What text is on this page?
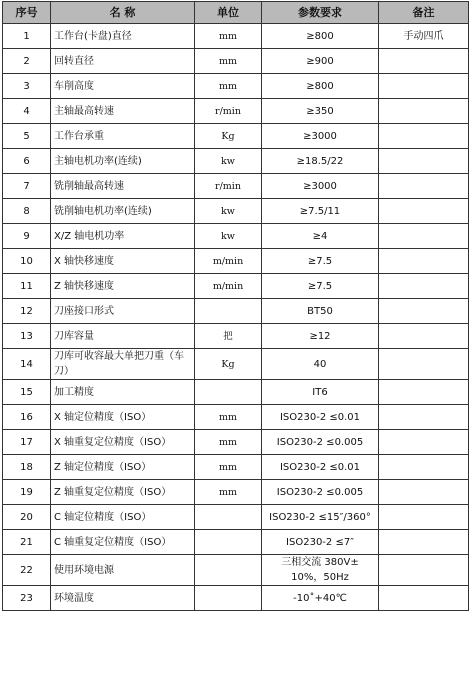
序号	名 称	单位	参数要求	备注
1	工作台(卡盘)直径	mm	≥800	手动四爪
2	回转直径	mm	≥900	
3	车削高度	mm	≥800	
4	主轴最高转速	r/min	≥350	
5	工作台承重	Kg	≥3000	
6	主轴电机功率(连续)	kw	≥18.5/22	
7	铣削轴最高转速	r/min	≥3000	
8	铣削轴电机功率(连续)	kw	≥7.5/11	
9	X/Z 轴电机功率	kw	≥4	
10	X 轴快移速度	m/min	≥7.5	
11	Z 轴快移速度	m/min	≥7.5	
12	刀座接口形式		BT50	
13	刀库容量	把	≥12	
14	刀库可收容最大单把刀重（车刀）	Kg	40	
15	加工精度		IT6	
16	X 轴定位精度（ISO）	mm	ISO230-2 ≤0.01	
17	X 轴重复定位精度（ISO）	mm	ISO230-2 ≤0.005	
18	Z 轴定位精度（ISO）	mm	ISO230-2 ≤0.01	
19	Z 轴重复定位精度（ISO）	mm	ISO230-2 ≤0.005	
20	C 轴定位精度（ISO）		ISO230-2 ≤15″/360°	
21	C 轴重复定位精度（ISO）		ISO230-2 ≤7″	
22	使用环境电源		三相交流 380V± 10%，50Hz	
23	环境温度		-10˚+40℃	
